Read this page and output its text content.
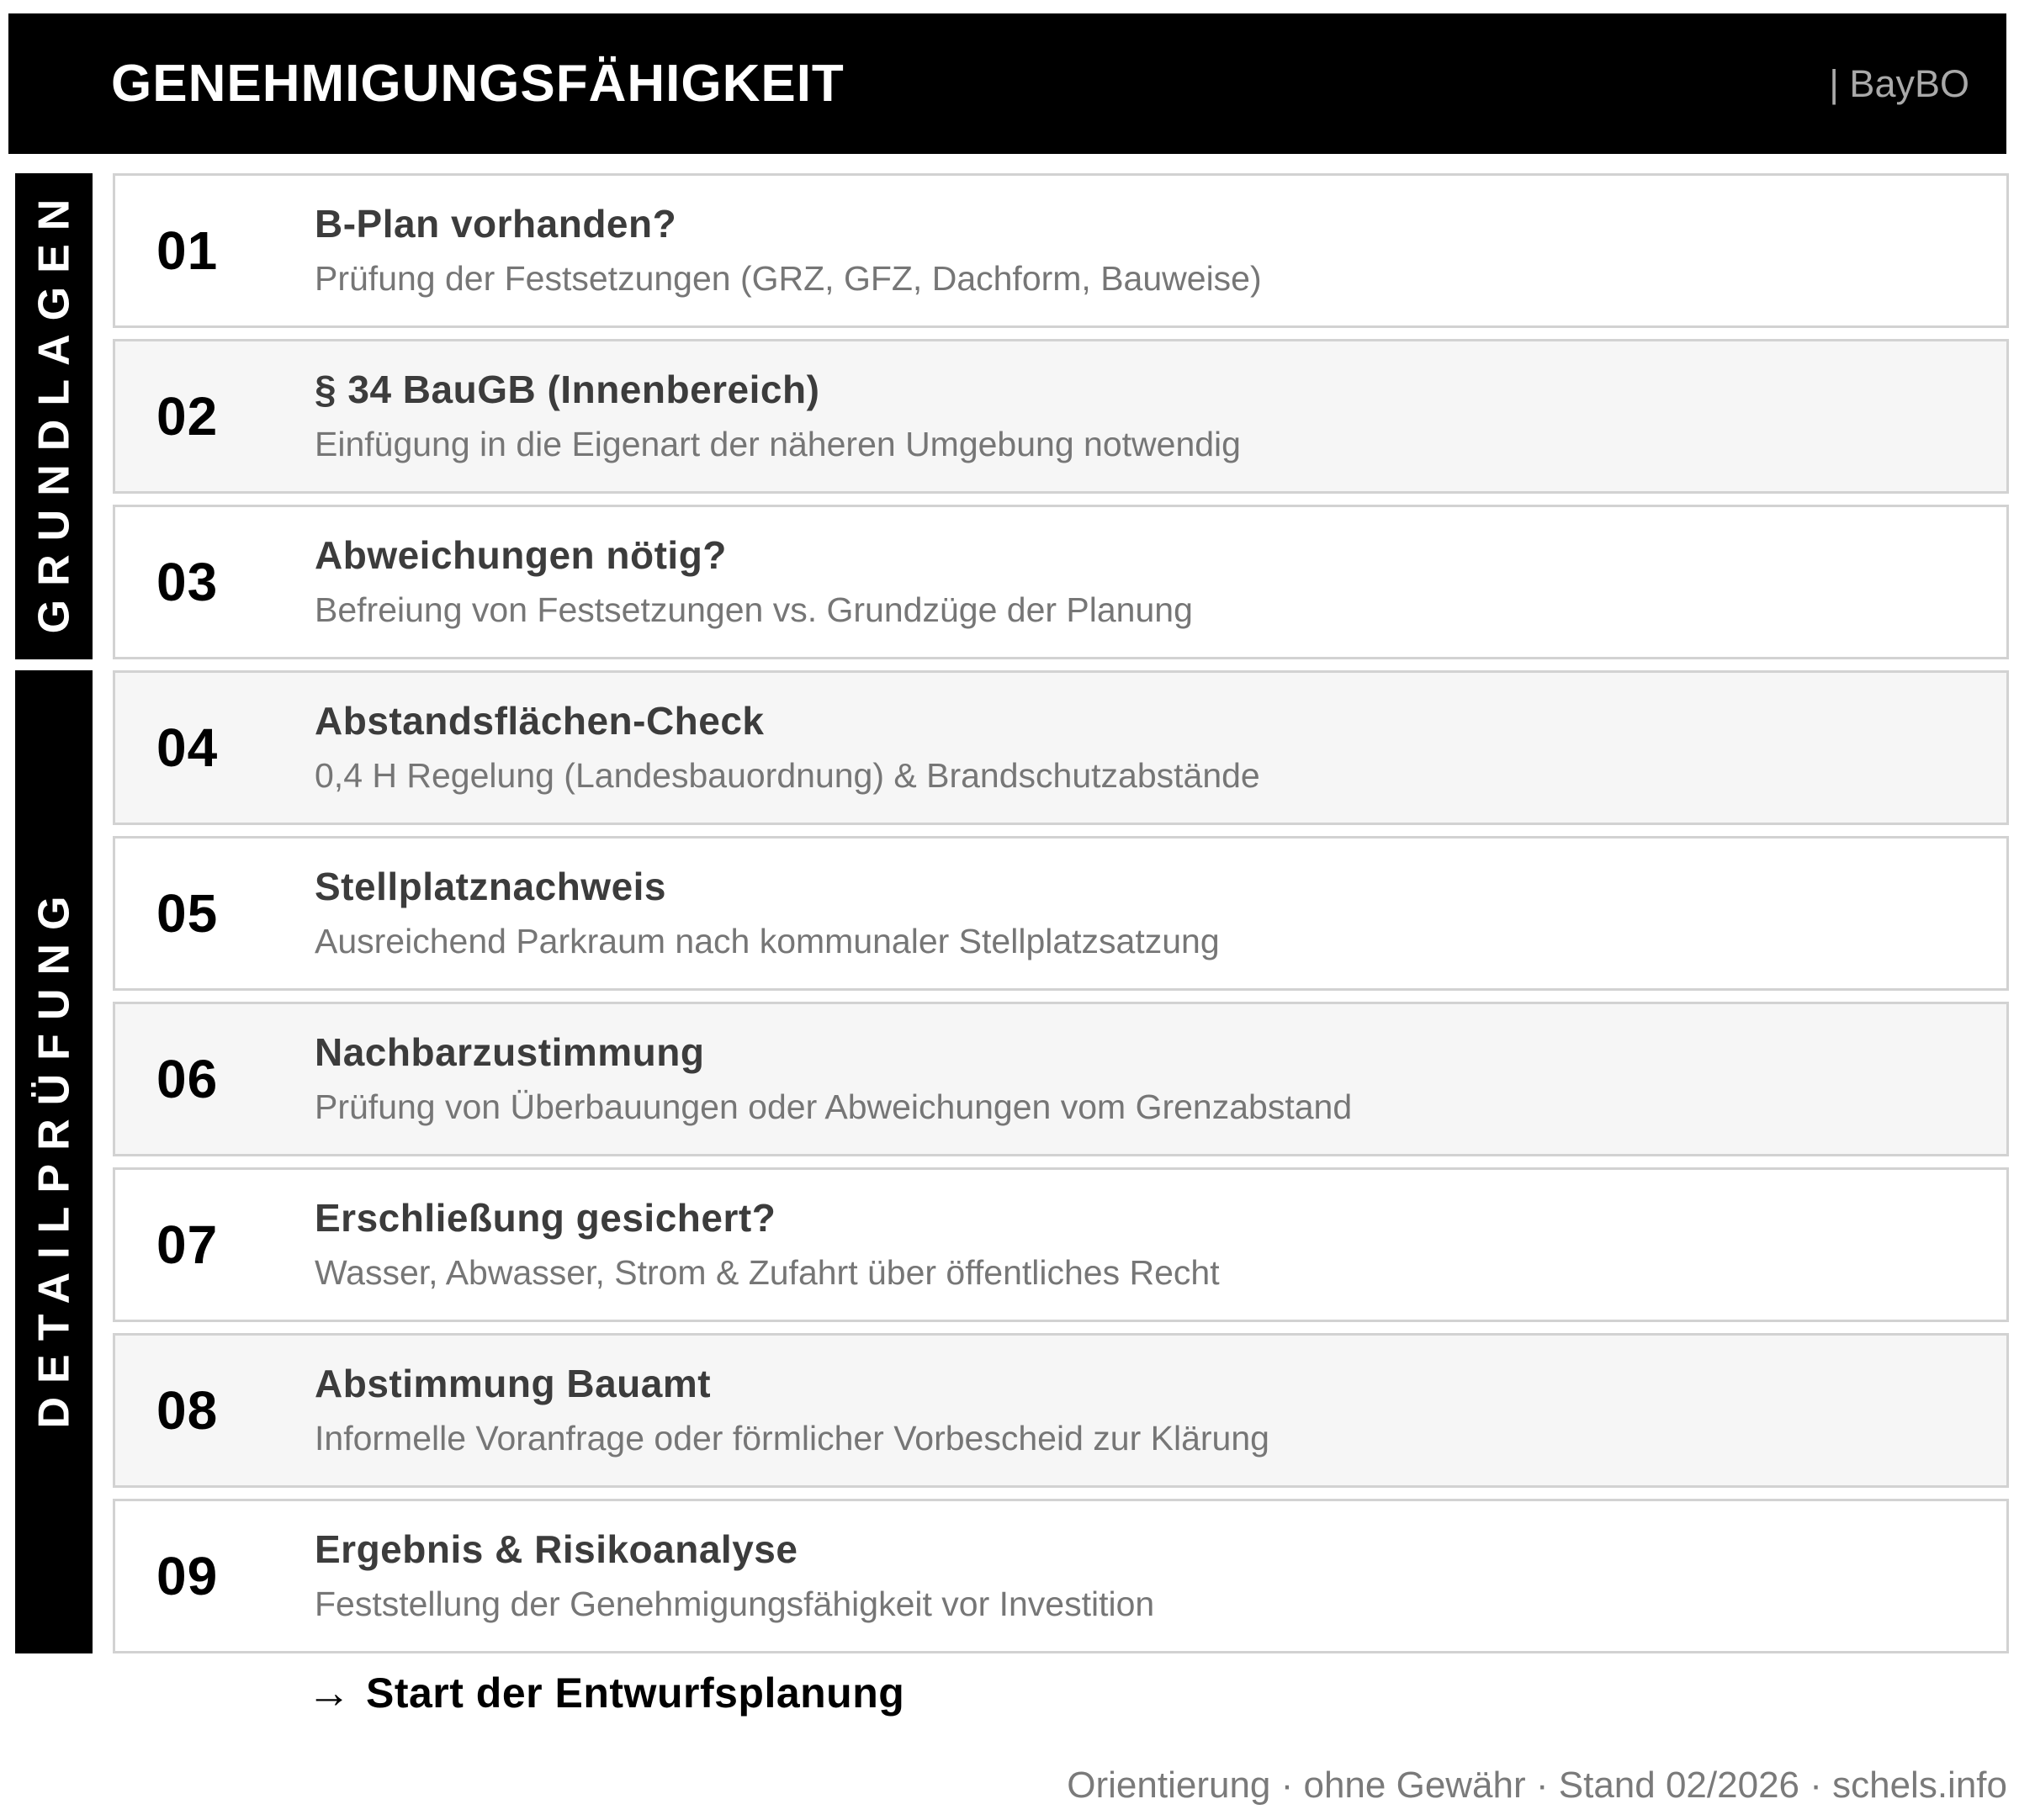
GENEHMIGUNGSFÄHIGKEIT	| BayBO
GRUNDLAGEN
DETAILPRÜFUNG
01	B-Plan vorhanden?
Prüfung der Festsetzungen (GRZ, GFZ, Dachform, Bauweise)
02	§ 34 BauGB (Innenbereich)
Einfügung in die Eigenart der näheren Umgebung notwendig
03	Abweichungen nötig?
Befreiung von Festsetzungen vs. Grundzüge der Planung
04	Abstandsflächen-Check
0,4 H Regelung (Landesbauordnung) & Brandschutzabstände
05	Stellplatznachweis
Ausreichend Parkraum nach kommunaler Stellplatzsatzung
06	Nachbarzustimmung
Prüfung von Überbauungen oder Abweichungen vom Grenzabstand
07	Erschließung gesichert?
Wasser, Abwasser, Strom & Zufahrt über öffentliches Recht
08	Abstimmung Bauamt
Informelle Voranfrage oder förmlicher Vorbescheid zur Klärung
09	Ergebnis & Risikoanalyse
Feststellung der Genehmigungsfähigkeit vor Investition
→ Start der Entwurfsplanung
Orientierung · ohne Gewähr · Stand 02/2026 · schels.info
